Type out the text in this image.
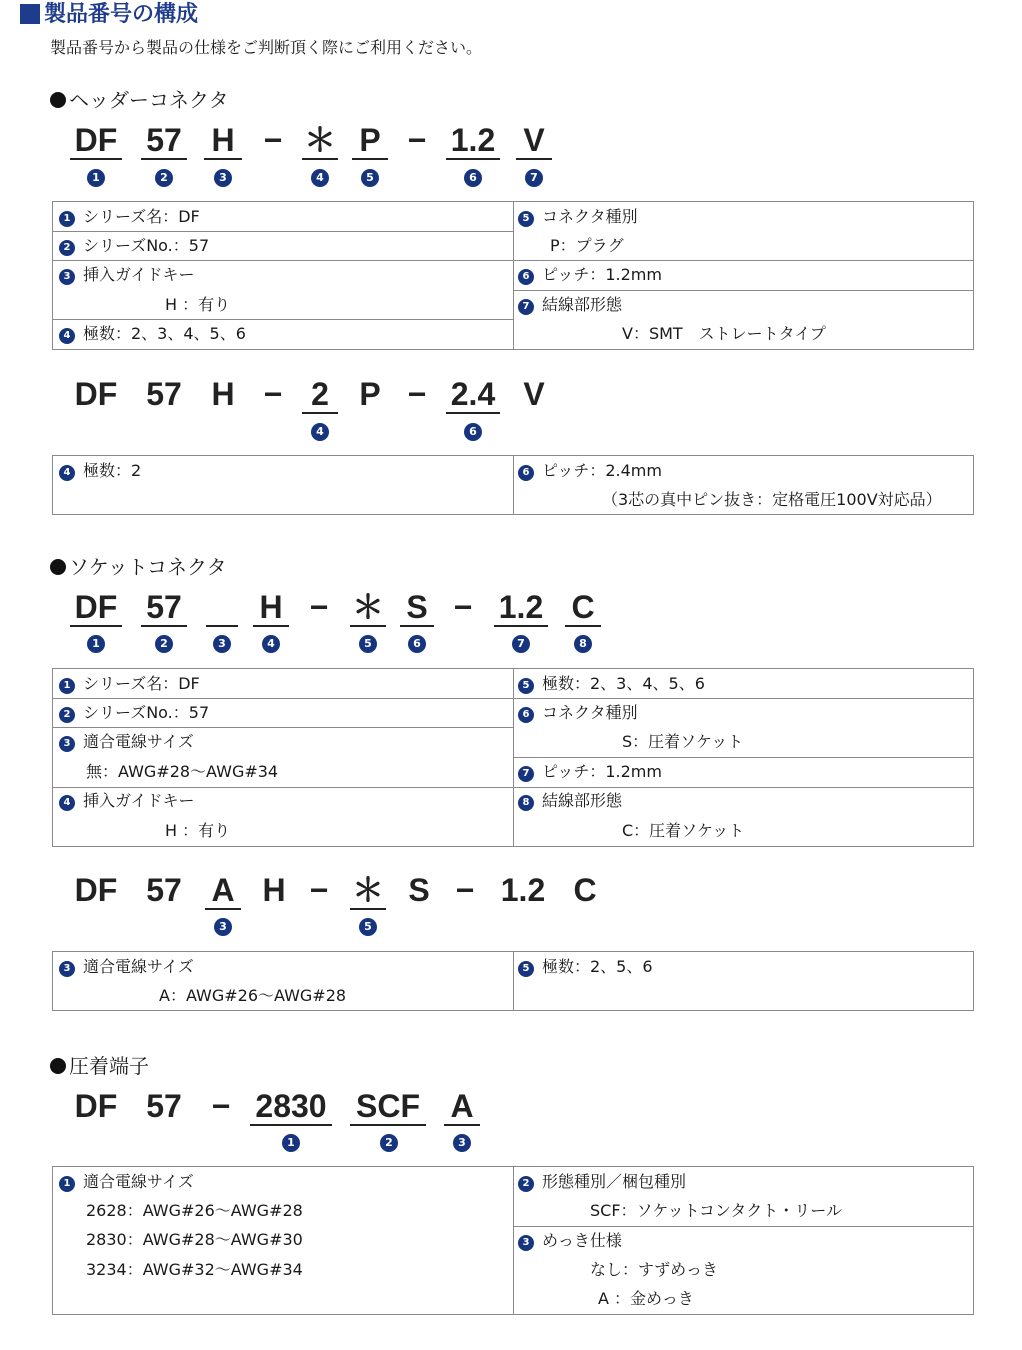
製品番号の構成
製品番号から製品の仕様をご判断頂く際にご利用ください。
ヘッダーコネクタ
DF 57 H − ＊ P − 1.2 V
1	2	3	4	5	6	7
1 シリーズ名：DF
2 シリーズNo.：57
3 挿入ガイドキー
H ：有り
4 極数：2、3、4、5、6
5 コネクタ種別
P：プラグ
6 ピッチ：1.2mm
7 結線部形態
V：SMT　ストレートタイプ
DF 57 H − 2 P − 2.4 V
4	6
4 極数：2	6 ピッチ：2.4mm
（3芯の真中ピン抜き：定格電圧100V対応品）
ソケットコネクタ
DF 57 H − ＊ S − 1.2 C
1	2	3	4	5	6	7	8
1 シリーズ名：DF
2 シリーズNo.：57
3 適合電線サイズ
無：AWG#28〜AWG#34
4 挿入ガイドキー
H ：有り
5 極数：2、3、4、5、6
6 コネクタ種別
S：圧着ソケット
7 ピッチ：1.2mm
8 結線部形態
C：圧着ソケット
DF 57 A H − ＊ S − 1.2 C
3	5
3 適合電線サイズ
A：AWG#26〜AWG#28
5 極数：2、5、6
圧着端子
DF 57 − 2830 SCF A
1	2	3
1 適合電線サイズ
2628：AWG#26〜AWG#28
2830：AWG#28〜AWG#30
3234：AWG#32〜AWG#34
2 形態種別／梱包種別
SCF：ソケットコンタクト・リール
3 めっき仕様
なし：すずめっき
A ：金めっき
